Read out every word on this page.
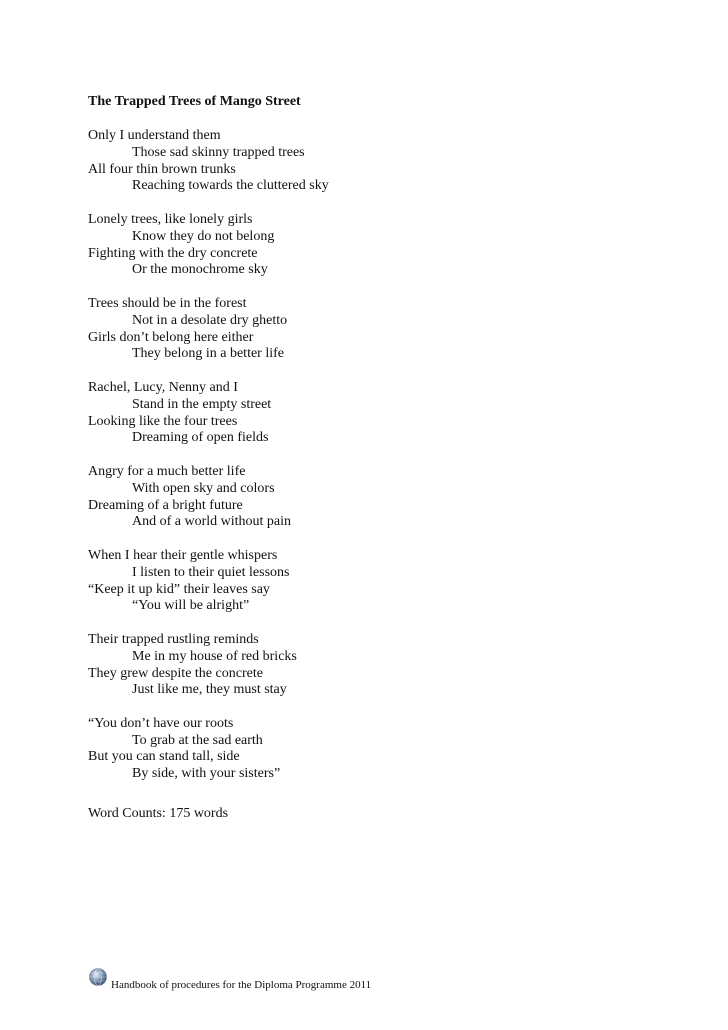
The Trapped Trees of Mango Street
Only I understand them
Those sad skinny trapped trees
All four thin brown trunks
Reaching towards the cluttered sky
Lonely trees, like lonely girls
Know they do not belong
Fighting with the dry concrete
Or the monochrome sky
Trees should be in the forest
Not in a desolate dry ghetto
Girls don’t belong here either
They belong in a better life
Rachel, Lucy, Nenny and I
Stand in the empty street
Looking like the four trees
Dreaming of open fields
Angry for a much better life
With open sky and colors
Dreaming of a bright future
And of a world without pain
When I hear their gentle whispers
I listen to their quiet lessons
“Keep it up kid” their leaves say
“You will be alright”
Their trapped rustling reminds
Me in my house of red bricks
They grew despite the concrete
Just like me, they must stay
“You don’t have our roots
To grab at the sad earth
But you can stand tall, side
By side, with your sisters”
Word Counts: 175 words
Handbook of procedures for the Diploma Programme 2011
